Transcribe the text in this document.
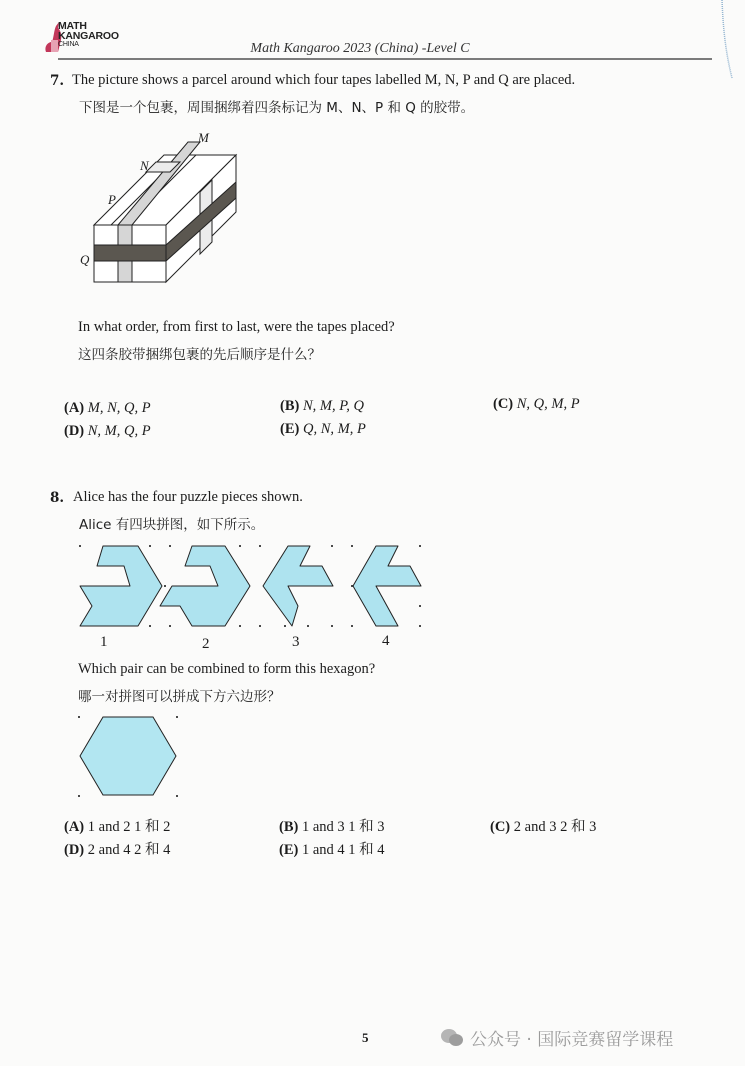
MATH
KANGAROO
CHINA	Math Kangaroo 2023 (China) -Level C
7. The picture shows a parcel around which four tapes labelled M, N, P and Q are placed.
下图是一个包裹，周围捆绑着四条标记为 M、N、P 和 Q 的胶带。
M
N
P
Q
In what order, from first to last, were the tapes placed?
这四条胶带捆绑包裹的先后顺序是什么？
(A) M, N, Q, P	(B) N, M, P, Q	(C) N, Q, M, P
(D) N, M, Q, P	(E) Q, N, M, P
8. Alice has the four puzzle pieces shown.
Alice 有四块拼图，如下所示。
1	2	3	4
Which pair can be combined to form this hexagon?
哪一对拼图可以拼成下方六边形？
(A) 1 and 2 1 和 2	(B) 1 and 3 1 和 3	(C) 2 and 3 2 和 3
(D) 2 and 4 2 和 4	(E) 1 and 4 1 和 4
5	公众号 · 国际竞赛留学课程
